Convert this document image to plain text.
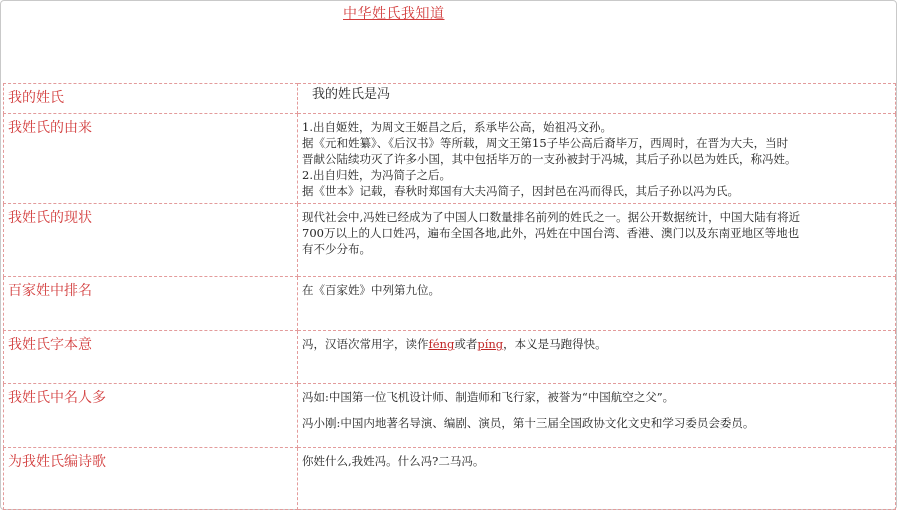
中华姓氏我知道
我的姓氏	我的姓氏是冯

我姓氏的由来	1.出自姬姓，为周文王姬昌之后，系承毕公高，始祖冯文孙。

据《元和姓纂》、《后汉书》等所载，周文王第15子毕公高后裔毕万，西周时，在晋为大夫，当时

晋献公陆续功灭了许多小国，其中包括毕万的一支孙被封于冯城，其后子孙以邑为姓氏，称冯姓。

2.出自归姓，为冯简子之后。

据《世本》记载，春秋时郑国有大夫冯简子，因封邑在冯而得氏，其后子孙以冯为氏。

我姓氏的现状	现代社会中,冯姓已经成为了中国人口数量排名前列的姓氏之一。据公开数据统计，中国大陆有将近

700万以上的人口姓冯，遍布全国各地,此外，冯姓在中国台湾、香港、澳门以及东南亚地区等地也

有不少分布。

百家姓中排名	在《百家姓》中列第九位。

我姓氏字本意	冯，汉语次常用字，读作féng或者píng，本义是马跑得快。

我姓氏中名人多	冯如:中国第一位飞机设计师、制造师和飞行家，被誉为“中国航空之父”。

冯小刚:中国内地著名导演、编剧、演员，第十三届全国政协文化文史和学习委员会委员。

为我姓氏编诗歌	你姓什么,我姓冯。什么冯?二马冯。
